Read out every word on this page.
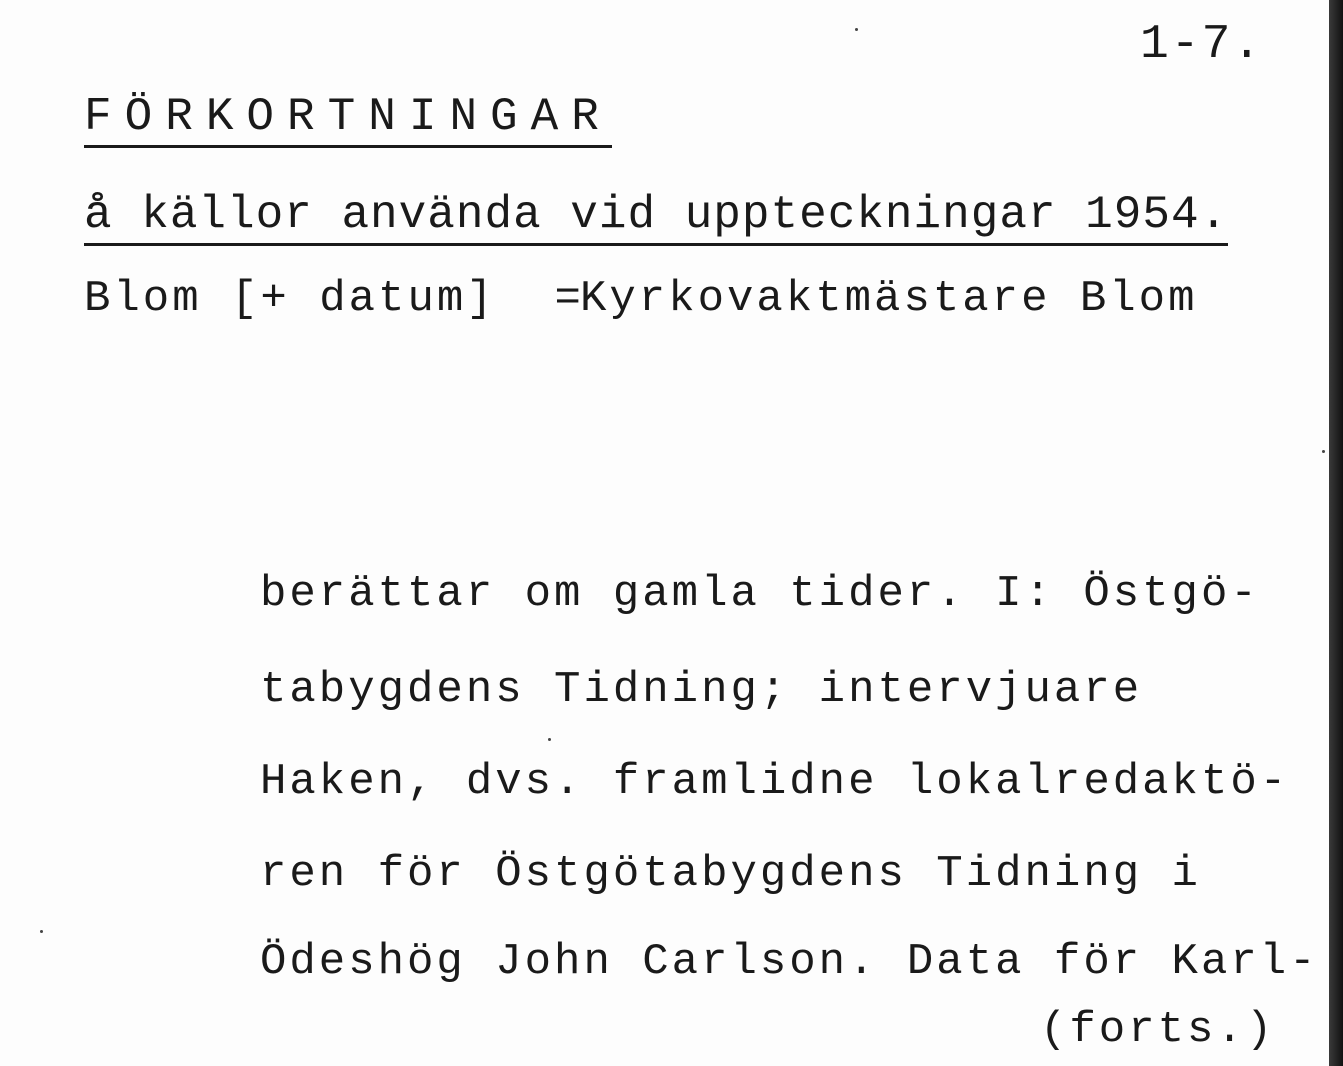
1-7.
FÖRKORTNINGAR
å källor använda vid uppteckningar 1954.
Blom [+ datum] =
Kyrkovaktmästare Blom
berättar om gamla tider. I: Östgö-
tabygdens Tidning; intervjuare
Haken, dvs. framlidne lokalredaktö-
ren för Östgötabygdens Tidning i
Ödeshög John Carlson. Data för Karl-
(forts.)
